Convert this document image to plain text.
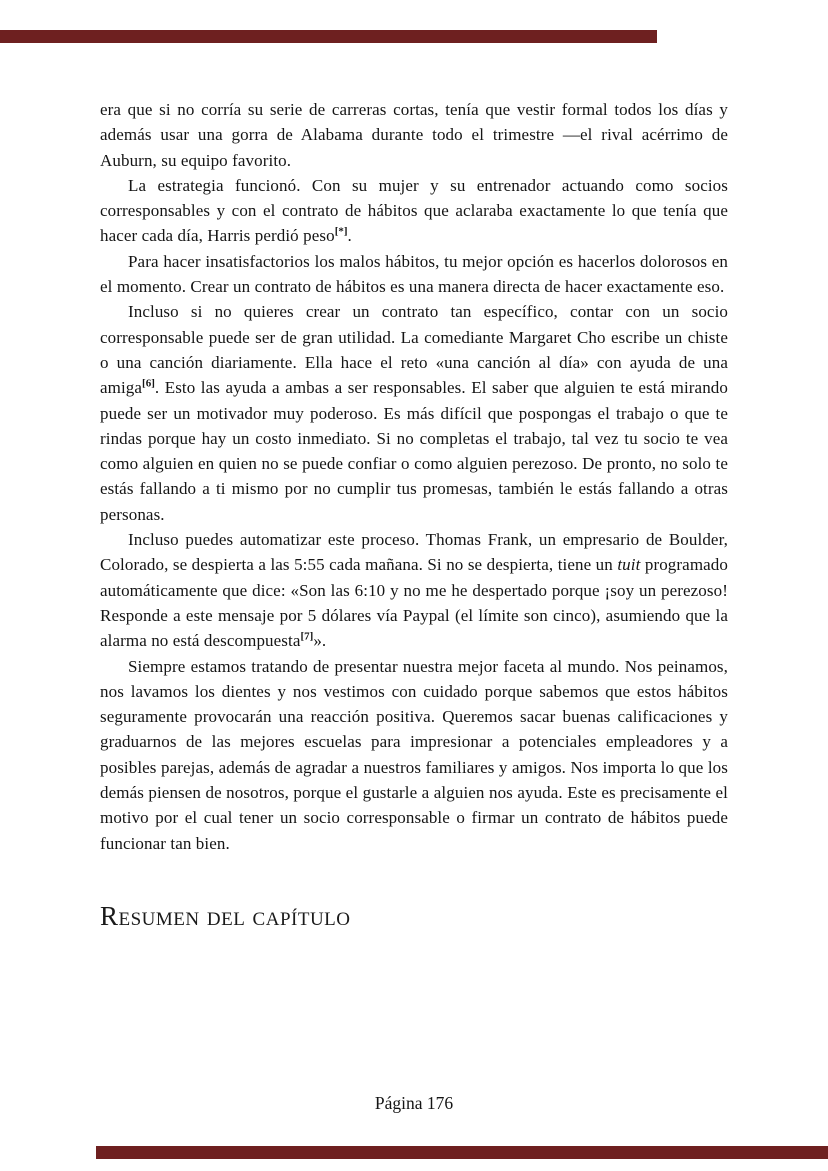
era que si no corría su serie de carreras cortas, tenía que vestir formal todos los días y además usar una gorra de Alabama durante todo el trimestre —el rival acérrimo de Auburn, su equipo favorito.

La estrategia funcionó. Con su mujer y su entrenador actuando como socios corresponsables y con el contrato de hábitos que aclaraba exactamente lo que tenía que hacer cada día, Harris perdió peso[*].

Para hacer insatisfactorios los malos hábitos, tu mejor opción es hacerlos dolorosos en el momento. Crear un contrato de hábitos es una manera directa de hacer exactamente eso.

Incluso si no quieres crear un contrato tan específico, contar con un socio corresponsable puede ser de gran utilidad. La comediante Margaret Cho escribe un chiste o una canción diariamente. Ella hace el reto «una canción al día» con ayuda de una amiga[6]. Esto las ayuda a ambas a ser responsables. El saber que alguien te está mirando puede ser un motivador muy poderoso. Es más difícil que pospongas el trabajo o que te rindas porque hay un costo inmediato. Si no completas el trabajo, tal vez tu socio te vea como alguien en quien no se puede confiar o como alguien perezoso. De pronto, no solo te estás fallando a ti mismo por no cumplir tus promesas, también le estás fallando a otras personas.

Incluso puedes automatizar este proceso. Thomas Frank, un empresario de Boulder, Colorado, se despierta a las 5:55 cada mañana. Si no se despierta, tiene un tuit programado automáticamente que dice: «Son las 6:10 y no me he despertado porque ¡soy un perezoso! Responde a este mensaje por 5 dólares vía Paypal (el límite son cinco), asumiendo que la alarma no está descompuesta[7]».

Siempre estamos tratando de presentar nuestra mejor faceta al mundo. Nos peinamos, nos lavamos los dientes y nos vestimos con cuidado porque sabemos que estos hábitos seguramente provocarán una reacción positiva. Queremos sacar buenas calificaciones y graduarnos de las mejores escuelas para impresionar a potenciales empleadores y a posibles parejas, además de agradar a nuestros familiares y amigos. Nos importa lo que los demás piensen de nosotros, porque el gustarle a alguien nos ayuda. Este es precisamente el motivo por el cual tener un socio corresponsable o firmar un contrato de hábitos puede funcionar tan bien.

Resumen del capítulo
Página 176
